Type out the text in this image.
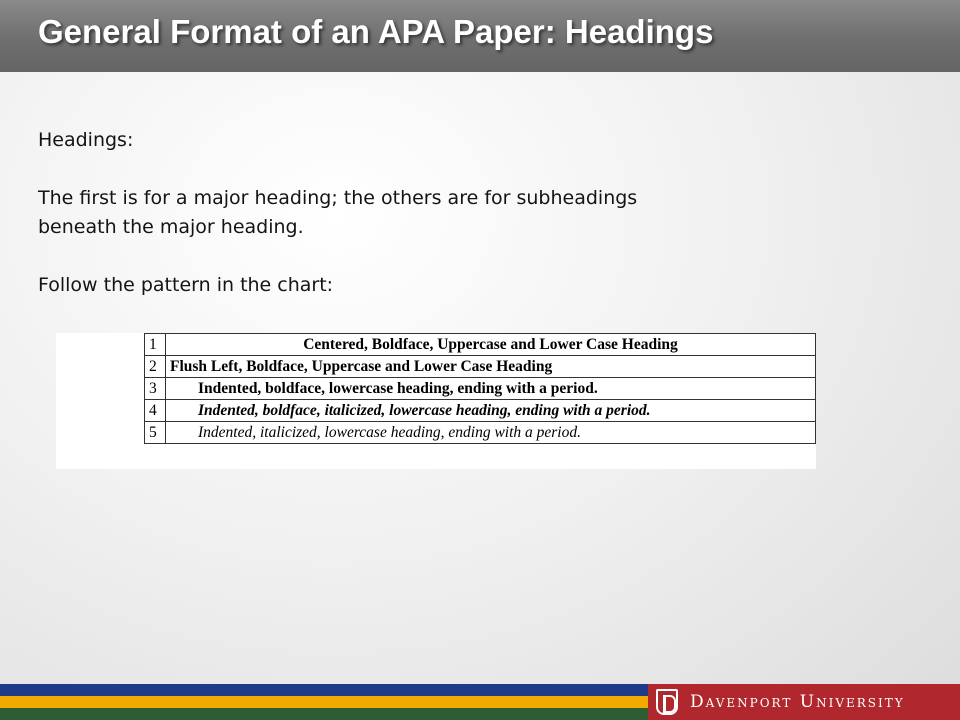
General Format of an APA Paper: Headings

Headings:

The first is for a major heading; the others are for subheadings beneath the major heading.

Follow the pattern in the chart:

1	Centered, Boldface, Uppercase and Lower Case Heading
2	Flush Left, Boldface, Uppercase and Lower Case Heading
3	Indented, boldface, lowercase heading, ending with a period.
4	Indented, boldface, italicized, lowercase heading, ending with a period.
5	Indented, italicized, lowercase heading, ending with a period.
Davenport University
